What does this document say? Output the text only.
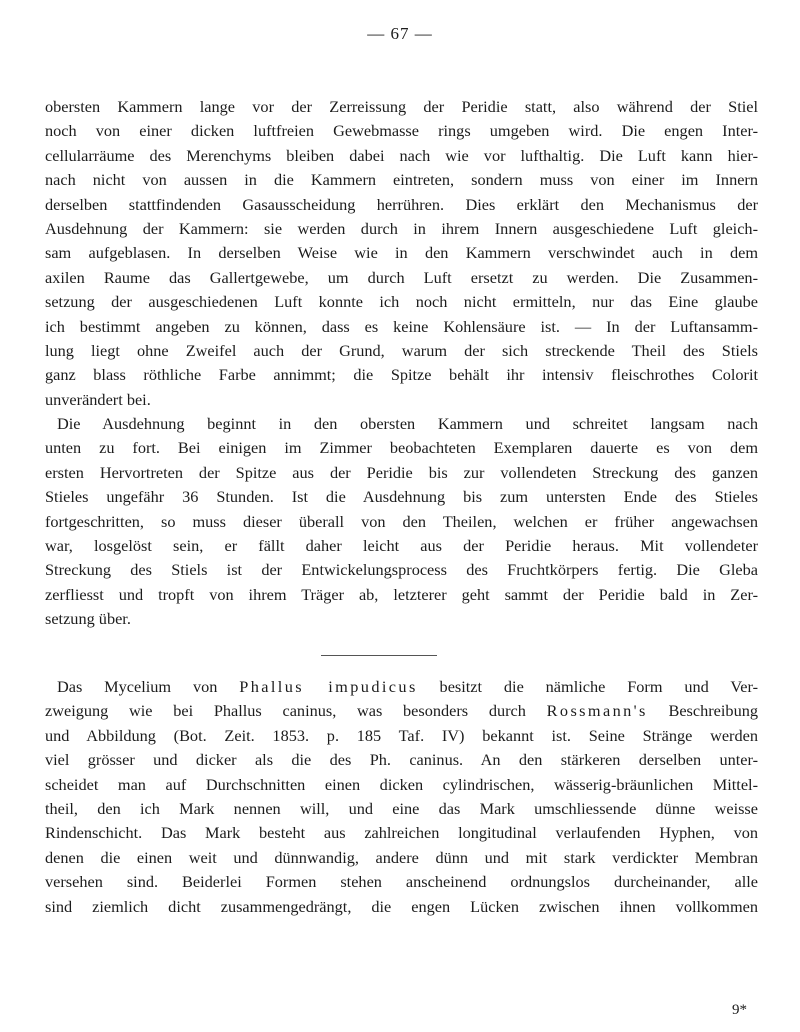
— 67 —
obersten Kammern lange vor der Zerreissung der Peridie statt, also während der Stiel
noch von einer dicken luftfreien Gewebmasse rings umgeben wird. Die engen Inter-
cellularräume des Merenchyms bleiben dabei nach wie vor lufthaltig. Die Luft kann hier-
nach nicht von aussen in die Kammern eintreten, sondern muss von einer im Innern
derselben stattfindenden Gasausscheidung herrühren. Dies erklärt den Mechanismus der
Ausdehnung der Kammern: sie werden durch in ihrem Innern ausgeschiedene Luft gleich-
sam aufgeblasen. In derselben Weise wie in den Kammern verschwindet auch in dem
axilen Raume das Gallertgewebe, um durch Luft ersetzt zu werden. Die Zusammen-
setzung der ausgeschiedenen Luft konnte ich noch nicht ermitteln, nur das Eine glaube
ich bestimmt angeben zu können, dass es keine Kohlensäure ist. — In der Luftansamm-
lung liegt ohne Zweifel auch der Grund, warum der sich streckende Theil des Stiels
ganz blass röthliche Farbe annimmt; die Spitze behält ihr intensiv fleischrothes Colorit
unverändert bei.
Die Ausdehnung beginnt in den obersten Kammern und schreitet langsam nach
unten zu fort. Bei einigen im Zimmer beobachteten Exemplaren dauerte es von dem
ersten Hervortreten der Spitze aus der Peridie bis zur vollendeten Streckung des ganzen
Stieles ungefähr 36 Stunden. Ist die Ausdehnung bis zum untersten Ende des Stieles
fortgeschritten, so muss dieser überall von den Theilen, welchen er früher angewachsen
war, losgelöst sein, er fällt daher leicht aus der Peridie heraus. Mit vollendeter
Streckung des Stiels ist der Entwickelungsprocess des Fruchtkörpers fertig. Die Gleba
zerfliesst und tropft von ihrem Träger ab, letzterer geht sammt der Peridie bald in Zer-
setzung über.
Das Mycelium von Phallus impudicus besitzt die nämliche Form und Ver-
zweigung wie bei Phallus caninus, was besonders durch Rossmann's Beschreibung
und Abbildung (Bot. Zeit. 1853. p. 185 Taf. IV) bekannt ist. Seine Stränge werden
viel grösser und dicker als die des Ph. caninus. An den stärkeren derselben unter-
scheidet man auf Durchschnitten einen dicken cylindrischen, wässerig-bräunlichen Mittel-
theil, den ich Mark nennen will, und eine das Mark umschliessende dünne weisse
Rindenschicht. Das Mark besteht aus zahlreichen longitudinal verlaufenden Hyphen, von
denen die einen weit und dünnwandig, andere dünn und mit stark verdickter Membran
versehen sind. Beiderlei Formen stehen anscheinend ordnungslos durcheinander, alle
sind ziemlich dicht zusammengedrängt, die engen Lücken zwischen ihnen vollkommen
9*
